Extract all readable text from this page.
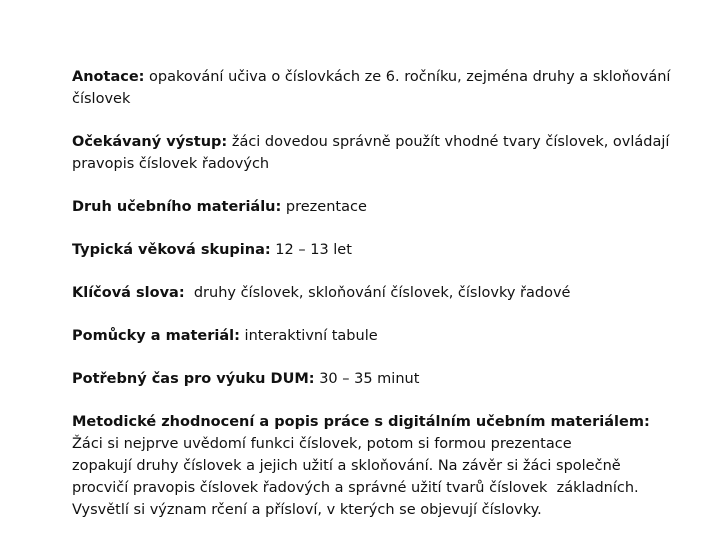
Anotace: opakování učiva o číslovkách ze 6. ročníku, zejména druhy a skloňování číslovek

Očekávaný výstup: žáci dovedou správně použít vhodné tvary číslovek, ovládají pravopis číslovek řadových

Druh učebního materiálu: prezentace

Typická věková skupina: 12 – 13 let

Klíčová slova:  druhy číslovek, skloňování číslovek, číslovky řadové

Pomůcky a materiál: interaktivní tabule

Potřebný čas pro výuku DUM: 30 – 35 minut

Metodické zhodnocení a popis práce s digitálním učebním materiálem:
Žáci si nejprve uvědomí funkci číslovek, potom si formou prezentace
zopakují druhy číslovek a jejich užití a skloňování. Na závěr si žáci společně
procvičí pravopis číslovek řadových a správné užití tvarů číslovek  základních.
Vysvětlí si význam rčení a přísloví, v kterých se objevují číslovky.
